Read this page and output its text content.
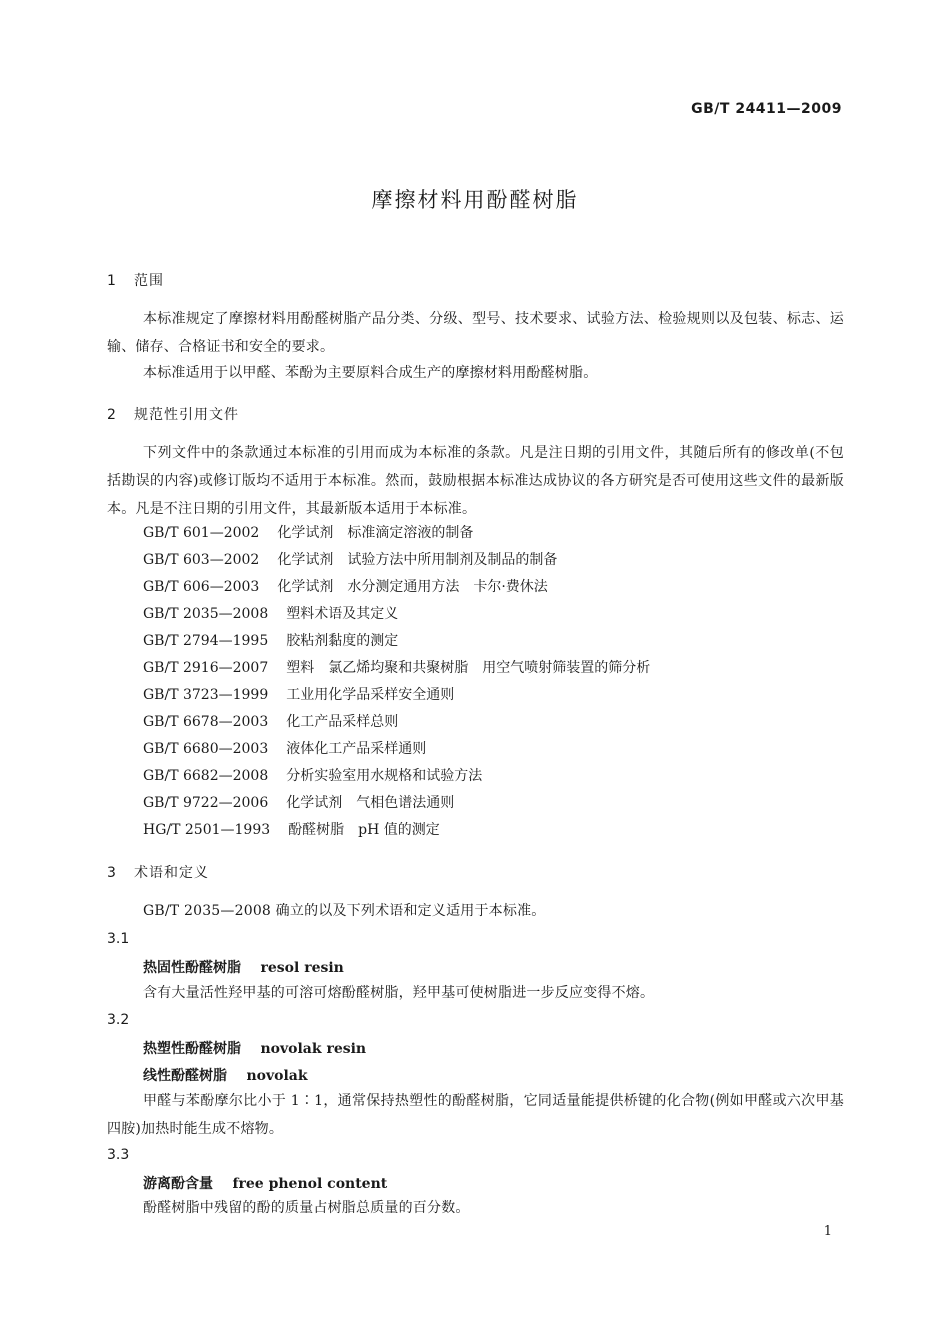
GB/T 24411—2009
摩擦材料用酚醛树脂
1 范围
本标准规定了摩擦材料用酚醛树脂产品分类、分级、型号、技术要求、试验方法、检验规则以及包装、标志、运输、储存、合格证书和安全的要求。
本标准适用于以甲醛、苯酚为主要原料合成生产的摩擦材料用酚醛树脂。
2 规范性引用文件
下列文件中的条款通过本标准的引用而成为本标准的条款。凡是注日期的引用文件，其随后所有的修改单(不包括勘误的内容)或修订版均不适用于本标准。然而，鼓励根据本标准达成协议的各方研究是否可使用这些文件的最新版本。凡是不注日期的引用文件，其最新版本适用于本标准。
GB/T 601—2002 化学试剂　标准滴定溶液的制备
GB/T 603—2002 化学试剂　试验方法中所用制剂及制品的制备
GB/T 606—2003 化学试剂　水分测定通用方法　卡尔·费休法
GB/T 2035—2008 塑料术语及其定义
GB/T 2794—1995 胶粘剂黏度的测定
GB/T 2916—2007 塑料　氯乙烯均聚和共聚树脂　用空气喷射筛装置的筛分析
GB/T 3723—1999 工业用化学品采样安全通则
GB/T 6678—2003 化工产品采样总则
GB/T 6680—2003 液体化工产品采样通则
GB/T 6682—2008 分析实验室用水规格和试验方法
GB/T 9722—2006 化学试剂　气相色谱法通则
HG/T 2501—1993 酚醛树脂　pH 值的测定
3 术语和定义
GB/T 2035—2008 确立的以及下列术语和定义适用于本标准。
3.1
热固性酚醛树脂 resol resin
含有大量活性羟甲基的可溶可熔酚醛树脂，羟甲基可使树脂进一步反应变得不熔。
3.2
热塑性酚醛树脂 novolak resin
线性酚醛树脂 novolak
甲醛与苯酚摩尔比小于 1∶1，通常保持热塑性的酚醛树脂，它同适量能提供桥键的化合物(例如甲醛或六次甲基四胺)加热时能生成不熔物。
3.3
游离酚含量 free phenol content
酚醛树脂中残留的酚的质量占树脂总质量的百分数。
1
